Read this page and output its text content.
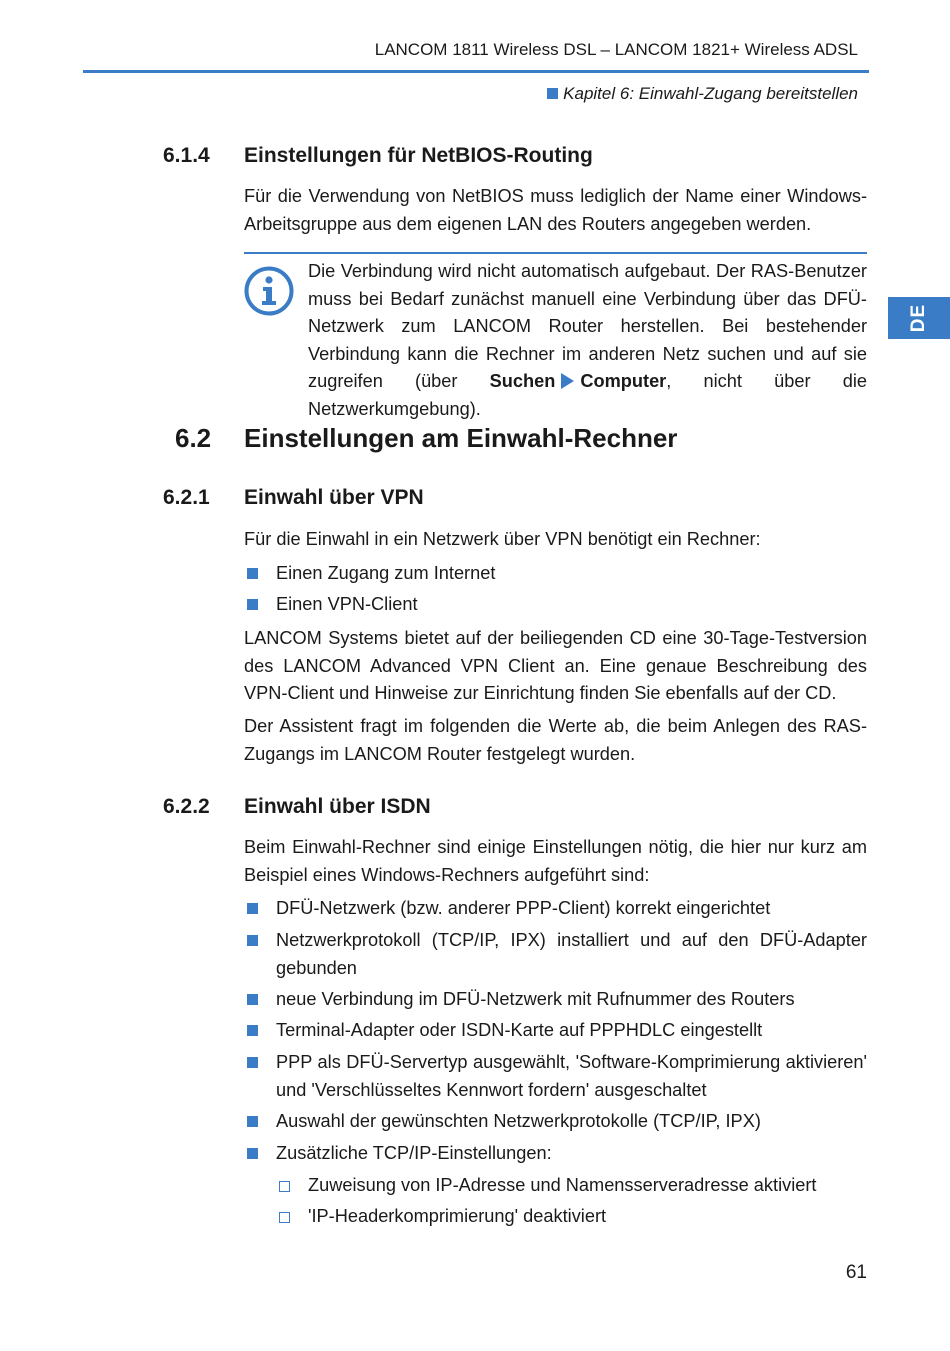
LANCOM 1811 Wireless DSL – LANCOM 1821+ Wireless ADSL
Kapitel 6: Einwahl-Zugang bereitstellen
DE
6.1.4 Einstellungen für NetBIOS-Routing
Für die Verwendung von NetBIOS muss lediglich der Name einer Windows-Arbeitsgruppe aus dem eigenen LAN des Routers angegeben werden.
Die Verbindung wird nicht automatisch aufgebaut. Der RAS-Benutzer muss bei Bedarf zunächst manuell eine Verbindung über das DFÜ-Netzwerk zum LANCOM Router herstellen. Bei bestehender Verbindung kann die Rechner im anderen Netz suchen und auf sie zugreifen (über Suchen Computer, nicht über die Netzwerkumgebung).
6.2 Einstellungen am Einwahl-Rechner
6.2.1 Einwahl über VPN
Für die Einwahl in ein Netzwerk über VPN benötigt ein Rechner:
Einen Zugang zum Internet
Einen VPN-Client
LANCOM Systems bietet auf der beiliegenden CD eine 30-Tage-Testversion des LANCOM Advanced VPN Client an. Eine genaue Beschreibung des VPN-Client und Hinweise zur Einrichtung finden Sie ebenfalls auf der CD.
Der Assistent fragt im folgenden die Werte ab, die beim Anlegen des RAS-Zugangs im LANCOM Router festgelegt wurden.
6.2.2 Einwahl über ISDN
Beim Einwahl-Rechner sind einige Einstellungen nötig, die hier nur kurz am Beispiel eines Windows-Rechners aufgeführt sind:
DFÜ-Netzwerk (bzw. anderer PPP-Client) korrekt eingerichtet
Netzwerkprotokoll (TCP/IP, IPX) installiert und auf den DFÜ-Adapter gebunden
neue Verbindung im DFÜ-Netzwerk mit Rufnummer des Routers
Terminal-Adapter oder ISDN-Karte auf PPPHDLC eingestellt
PPP als DFÜ-Servertyp ausgewählt, 'Software-Komprimierung aktivieren' und 'Verschlüsseltes Kennwort fordern' ausgeschaltet
Auswahl der gewünschten Netzwerkprotokolle (TCP/IP, IPX)
Zusätzliche TCP/IP-Einstellungen:
Zuweisung von IP-Adresse und Namensserveradresse aktiviert
'IP-Headerkomprimierung' deaktiviert
61
